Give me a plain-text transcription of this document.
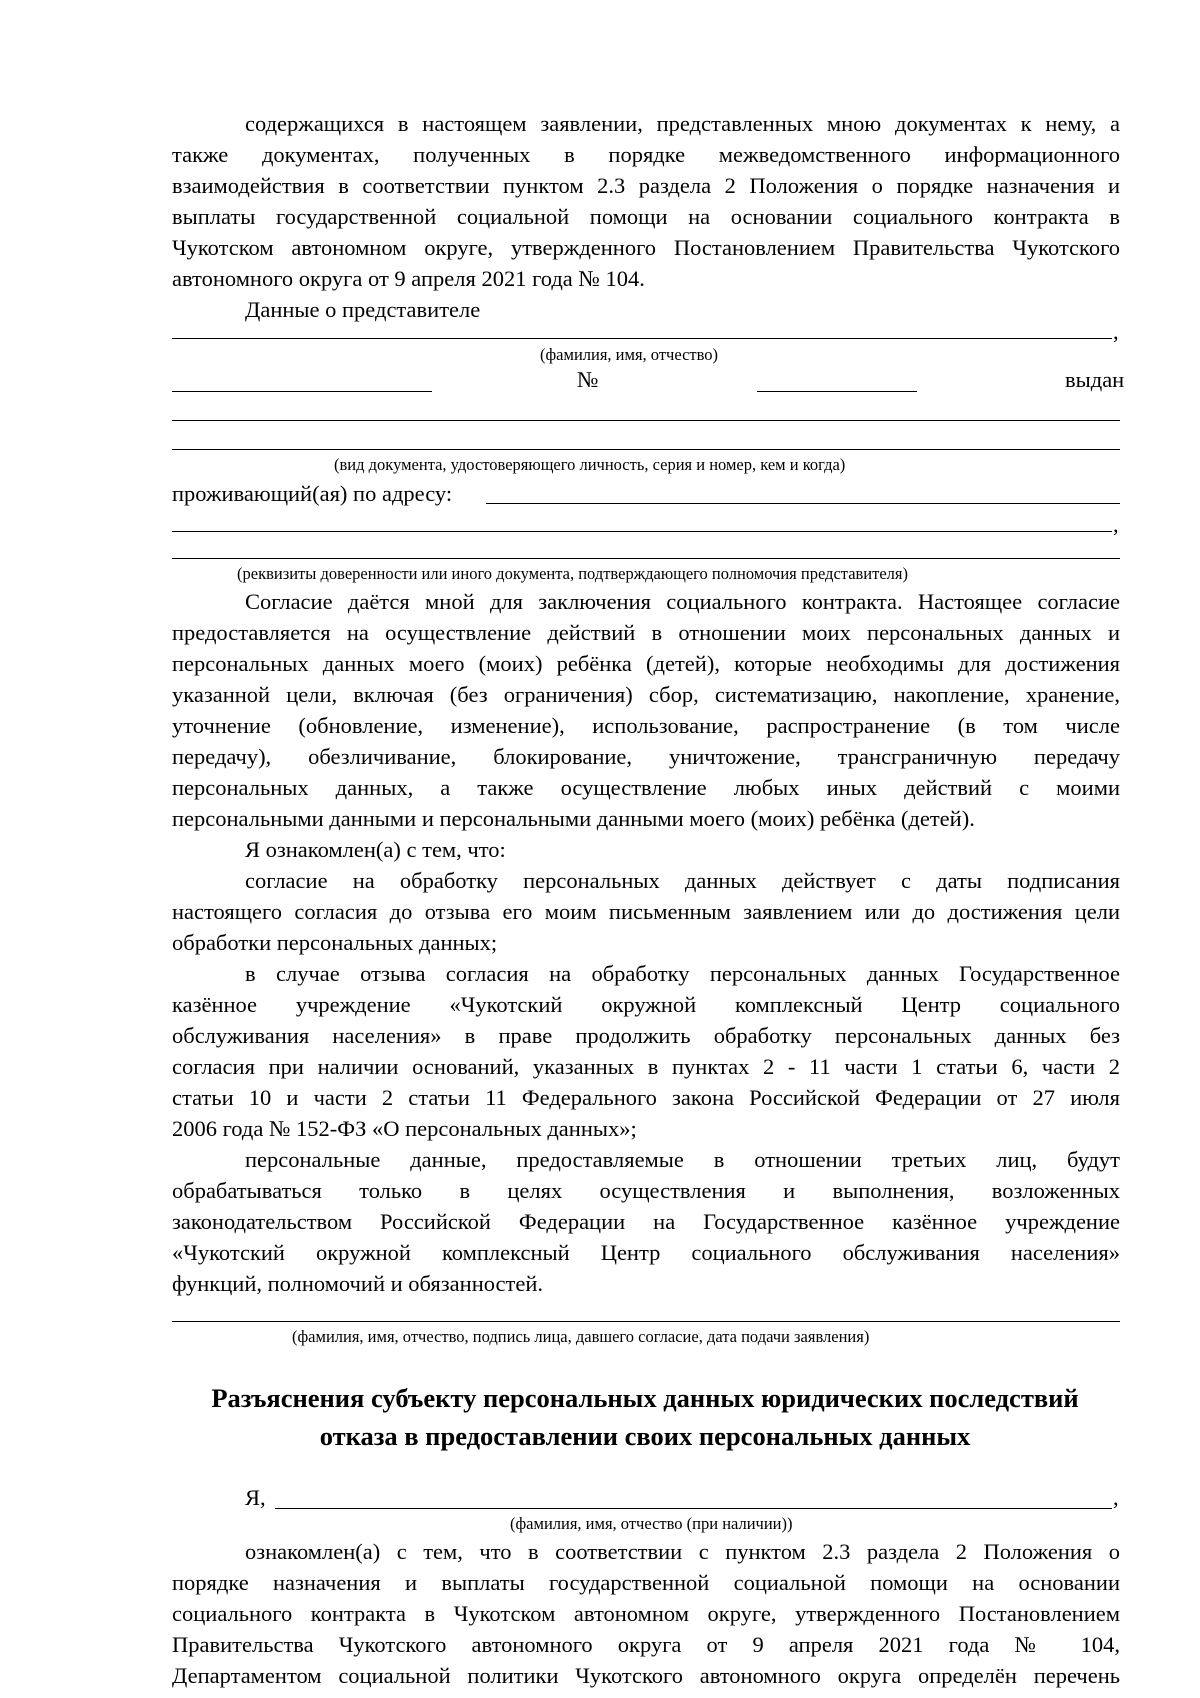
содержащихся в настоящем заявлении, представленных мною документах к нему, а
также документах, полученных в порядке межведомственного информационного
взаимодействия в соответствии пунктом 2.3 раздела 2 Положения о порядке назначения и
выплаты государственной социальной помощи на основании социального контракта в
Чукотском автономном округе, утвержденного Постановлением Правительства Чукотского
автономного округа от 9 апреля 2021 года № 104.
Данные о представителе
,
(фамилия, имя, отчество)
№	выдан
(вид документа, удостоверяющего личность, серия и номер, кем и когда)
проживающий(ая) по адресу:
,
(реквизиты доверенности или иного документа, подтверждающего полномочия представителя)
Согласие даётся мной для заключения социального контракта. Настоящее согласие
предоставляется на осуществление действий в отношении моих персональных данных и
персональных данных моего (моих) ребёнка (детей), которые необходимы для достижения
указанной цели, включая (без ограничения) сбор, систематизацию, накопление, хранение,
уточнение (обновление, изменение), использование, распространение (в том числе
передачу), обезличивание, блокирование, уничтожение, трансграничную передачу
персональных данных, а также осуществление любых иных действий с моими
персональными данными и персональными данными моего (моих) ребёнка (детей).
Я ознакомлен(а) с тем, что:
согласие на обработку персональных данных действует с даты подписания
настоящего согласия до отзыва его моим письменным заявлением или до достижения цели
обработки персональных данных;
в случае отзыва согласия на обработку персональных данных Государственное
казённое учреждение «Чукотский окружной комплексный Центр социального
обслуживания населения» в праве продолжить обработку персональных данных без
согласия при наличии оснований, указанных в пунктах 2 - 11 части 1 статьи 6, части 2
статьи 10 и части 2 статьи 11 Федерального закона Российской Федерации от 27 июля
2006 года № 152-ФЗ «О персональных данных»;
персональные данные, предоставляемые в отношении третьих лиц, будут
обрабатываться только в целях осуществления и выполнения, возложенных
законодательством Российской Федерации на Государственное казённое учреждение
«Чукотский окружной комплексный Центр социального обслуживания населения»
функций, полномочий и обязанностей.
(фамилия, имя, отчество, подпись лица, давшего согласие, дата подачи заявления)
Разъяснения субъекту персональных данных юридических последствий
отказа в предоставлении своих персональных данных
Я,	,
(фамилия, имя, отчество (при наличии))
ознакомлен(а) с тем, что в соответствии с пунктом 2.3 раздела 2 Положения о
порядке назначения и выплаты государственной социальной помощи на основании
социального контракта в Чукотском автономном округе, утвержденного Постановлением
Правительства Чукотского автономного округа от 9 апреля 2021 года № 104,
Департаментом социальной политики Чукотского автономного округа определён перечень
